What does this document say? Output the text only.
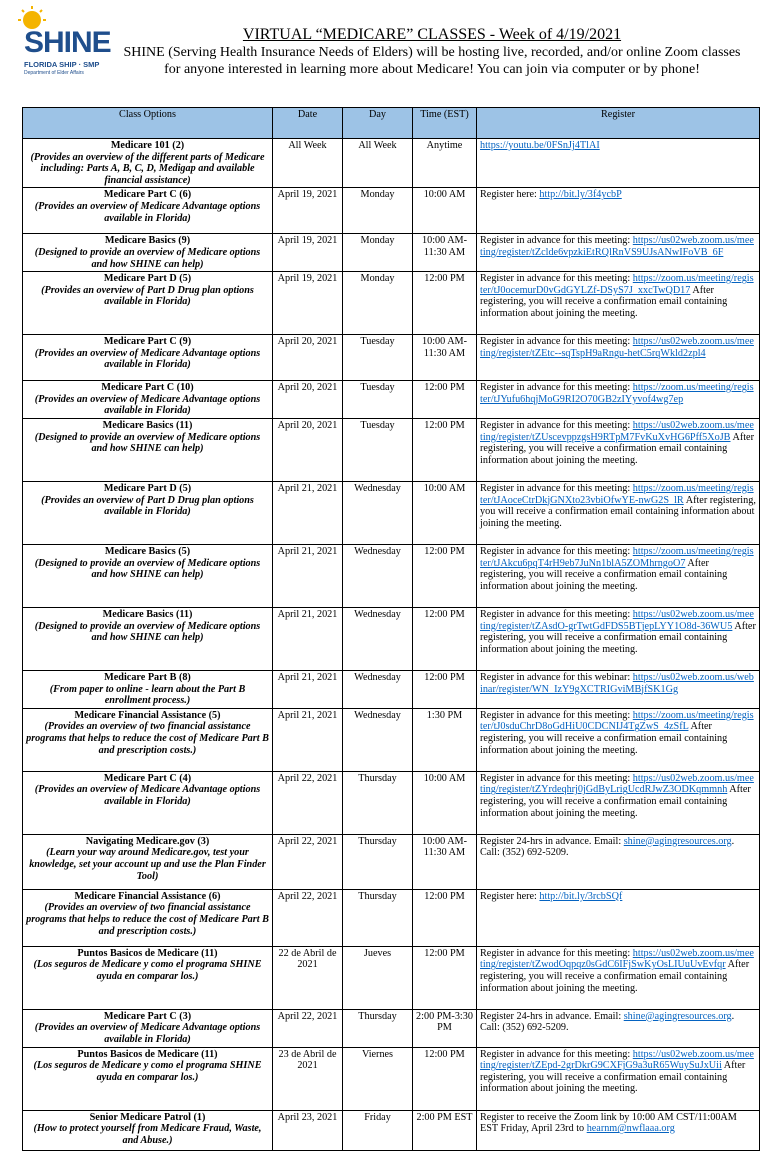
SHINE
FLORIDA SHIP · SMP
Department of Elder Affairs
VIRTUAL “MEDICARE” CLASSES - Week of 4/19/2021
SHINE (Serving Health Insurance Needs of Elders) will be hosting live, recorded, and/or online Zoom classes
for anyone interested in learning more about Medicare! You can join via computer or by phone!
Class Options	Date	Day	Time (EST)	Register

Medicare 101 (2)
(Provides an overview of the different parts of Medicare including: Parts A, B, C, D, Medigap and available financial assistance)	All Week	All Week	Anytime	https://youtu.be/0FSnJj4TlAI

Medicare Part C (6)
(Provides an overview of Medicare Advantage options available in Florida)	April 19, 2021	Monday	10:00 AM	Register here: http://bit.ly/3f4ycbP

Medicare Basics (9)
(Designed to provide an overview of Medicare options and how SHINE can help)	April 19, 2021	Monday	10:00 AM-11:30 AM	Register in advance for this meeting: https://us02web.zoom.us/meeting/register/tZclde6vpzkiEtRQlRnVS9UJsANwIFoVB_6F

Medicare Part D (5)
(Provides an overview of Part D Drug plan options available in Florida)	April 19, 2021	Monday	12:00 PM	Register in advance for this meeting: https://zoom.us/meeting/register/tJ0ocemurD0vGdGYLZf-DSyS7J_xxcTwQD17 After registering, you will receive a confirmation email containing information about joining the meeting.

Medicare Part C (9)
(Provides an overview of Medicare Advantage options available in Florida)	April 20, 2021	Tuesday	10:00 AM-11:30 AM	Register in advance for this meeting: https://us02web.zoom.us/meeting/register/tZEtc--sqTspH9aRngu-hetC5rqWkld2zpl4

Medicare Part C (10)
(Provides an overview of Medicare Advantage options available in Florida)	April 20, 2021	Tuesday	12:00 PM	Register in advance for this meeting: https://zoom.us/meeting/register/tJYufu6hqjMoG9RI2O70GB2zIYyvof4wg7ep

Medicare Basics (11)
(Designed to provide an overview of Medicare options and how SHINE can help)	April 20, 2021	Tuesday	12:00 PM	Register in advance for this meeting: https://us02web.zoom.us/meeting/register/tZUscevppzgsH9RTpM7FvKuXvHG6Pff5XoJB After registering, you will receive a confirmation email containing information about joining the meeting.

Medicare Part D (5)
(Provides an overview of Part D Drug plan options available in Florida)	April 21, 2021	Wednesday	10:00 AM	Register in advance for this meeting: https://zoom.us/meeting/register/tJAoceCtrDkjGNXto23vbiOfwYE-nwG2S_lR After registering, you will receive a confirmation email containing information about joining the meeting.

Medicare Basics (5)
(Designed to provide an overview of Medicare options and how SHINE can help)	April 21, 2021	Wednesday	12:00 PM	Register in advance for this meeting: https://zoom.us/meeting/register/tJAkcu6pqT4rH9eb7JuNn1blA5ZOMhrngoO7 After registering, you will receive a confirmation email containing information about joining the meeting.

Medicare Basics (11)
(Designed to provide an overview of Medicare options and how SHINE can help)	April 21, 2021	Wednesday	12:00 PM	Register in advance for this meeting: https://us02web.zoom.us/meeting/register/tZAsdO-grTwtGdFDS5BTjepLYY1O8d-36WU5 After registering, you will receive a confirmation email containing information about joining the meeting.

Medicare Part B (8)
(From paper to online - learn about the Part B enrollment process.)	April 21, 2021	Wednesday	12:00 PM	Register in advance for this webinar: https://us02web.zoom.us/webinar/register/WN_IzY9gXCTRIGviMBjfSK1Gg

Medicare Financial Assistance (5)
(Provides an overview of two financial assistance programs that helps to reduce the cost of Medicare Part B and prescription costs.)	April 21, 2021	Wednesday	1:30 PM	Register in advance for this meeting: https://zoom.us/meeting/register/tJ0sduChrD8oGdHiU0CDCNIJ4TgZwS_4zSfL After registering, you will receive a confirmation email containing information about joining the meeting.

Medicare Part C (4)
(Provides an overview of Medicare Advantage options available in Florida)	April 22, 2021	Thursday	10:00 AM	Register in advance for this meeting: https://us02web.zoom.us/meeting/register/tZYrdeqhrj0jGdByLrigUcdRJwZ3ODKqmmnh After registering, you will receive a confirmation email containing information about joining the meeting.

Navigating Medicare.gov (3)
(Learn your way around Medicare.gov, test your knowledge, set your account up and use the Plan Finder Tool)	April 22, 2021	Thursday	10:00 AM-11:30 AM	Register 24-hrs in advance. Email: shine@agingresources.org. Call: (352) 692-5209.

Medicare Financial Assistance (6)
(Provides an overview of two financial assistance programs that helps to reduce the cost of Medicare Part B and prescription costs.)	April 22, 2021	Thursday	12:00 PM	Register here: http://bit.ly/3rcbSQf

Puntos Basicos de Medicare (11)
(Los seguros de Medicare y como el programa SHINE ayuda en comparar los.)	22 de Abril de 2021	Jueves	12:00 PM	Register in advance for this meeting: https://us02web.zoom.us/meeting/register/tZwodOqpqz0sGdC6IFjSwKyOsLIUuUvEvfqr After registering, you will receive a confirmation email containing information about joining the meeting.

Medicare Part C (3)
(Provides an overview of Medicare Advantage options available in Florida)	April 22, 2021	Thursday	2:00 PM-3:30 PM	Register 24-hrs in advance. Email: shine@agingresources.org. Call: (352) 692-5209.

Puntos Basicos de Medicare (11)
(Los seguros de Medicare y como el programa SHINE ayuda en comparar los.)	23 de Abril de 2021	Viernes	12:00 PM	Register in advance for this meeting: https://us02web.zoom.us/meeting/register/tZEpd-2grDkrG9CXFjG9a3uR65WuySuJxUii After registering, you will receive a confirmation email containing information about joining the meeting.

Senior Medicare Patrol (1)
(How to protect yourself from Medicare Fraud, Waste, and Abuse.)	April 23, 2021	Friday	2:00 PM EST	Register to receive the Zoom link by 10:00 AM CST/11:00AM EST Friday, April 23rd to hearnm@nwflaaa.org
